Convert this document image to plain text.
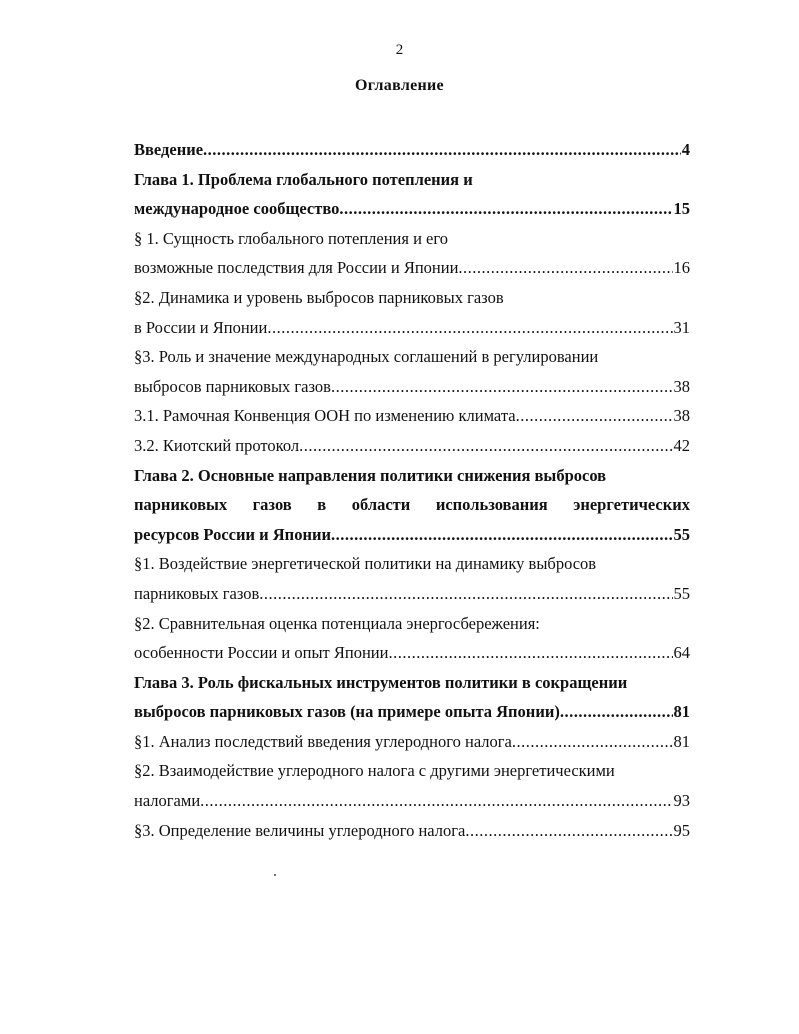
2
Оглавление
Введение .....	4
Глава 1. Проблема глобального потепления и
международное сообщество .....	15
§ 1. Сущность глобального потепления и его
возможные последствия для России и Японии .....	16
§2. Динамика и уровень выбросов парниковых газов
в России и Японии .....	31
§3. Роль и значение международных соглашений в регулировании
выбросов парниковых газов .....	38
3.1. Рамочная Конвенция ООН по изменению климата .....	38
3.2. Киотский протокол .....	42
Глава 2. Основные направления политики снижения выбросов
парниковых газов в области использования энергетических
ресурсов России и Японии .....	55
§1. Воздействие энергетической политики на динамику выбросов
парниковых газов .....	55
§2. Сравнительная оценка потенциала энергосбережения:
особенности России и опыт Японии .....	64
Глава 3. Роль фискальных инструментов политики в сокращении
выбросов парниковых газов (на примере опыта Японии) .....	81
§1. Анализ последствий введения углеродного налога .....	81
§2. Взаимодействие углеродного налога с другими энергетическими
налогами .....	93
§3. Определение величины углеродного налога .....	95
